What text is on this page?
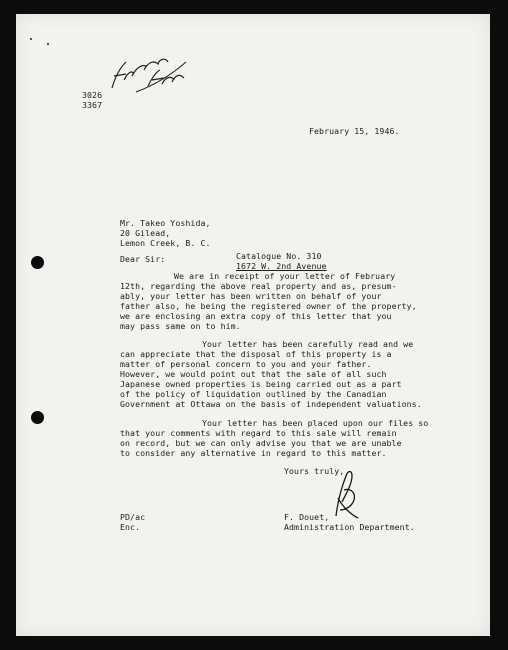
3026
3367
February 15, 1946.
Mr. Takeo Yoshida,
20 Gilead,
Lemon Creek, B. C.
Dear Sir:	Catalogue No. 310
1672 W. 2nd Avenue
We are in receipt of your letter of February
12th, regarding the above real property and as, presum-
ably, your letter has been written on behalf of your
father also, he being the registered owner of the property,
we are enclosing an extra copy of this letter that you
may pass same on to him.
Your letter has been carefully read and we
can appreciate that the disposal of this property is a
matter of personal concern to you and your father.
However, we would point out that the sale of all such
Japanese owned properties is being carried out as a part
of the policy of liquidation outlined by the Canadian
Government at Ottawa on the basis of independent valuations.
Your letter has been placed upon our files so
that your comments with regard to this sale will remain
on record, but we can only advise you that we are unable
to consider any alternative in regard to this matter.
Yours truly,
PD/ac
Enc.
F. Douet,
Administration Department.
